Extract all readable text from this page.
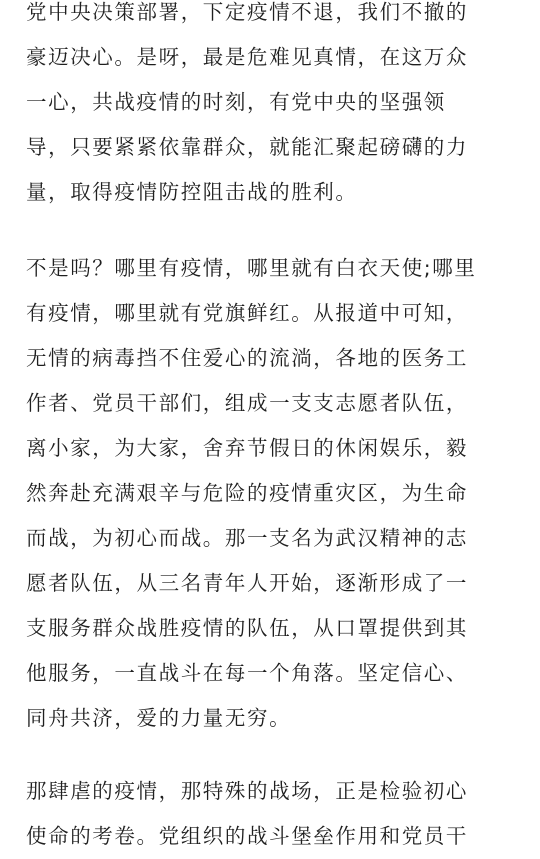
党中央决策部署，下定疫情不退，我们不撤的
豪迈决心。是呀，最是危难见真情，在这万众
一心，共战疫情的时刻，有党中央的坚强领
导，只要紧紧依靠群众，就能汇聚起磅礴的力
量，取得疫情防控阻击战的胜利。

不是吗？哪里有疫情，哪里就有白衣天使;哪里
有疫情，哪里就有党旗鲜红。从报道中可知，
无情的病毒挡不住爱心的流淌，各地的医务工
作者、党员干部们，组成一支支志愿者队伍，
离小家，为大家，舍弃节假日的休闲娱乐，毅
然奔赴充满艰辛与危险的疫情重灾区，为生命
而战，为初心而战。那一支名为武汉精神的志
愿者队伍，从三名青年人开始，逐渐形成了一
支服务群众战胜疫情的队伍，从口罩提供到其
他服务，一直战斗在每一个角落。坚定信心、
同舟共济，爱的力量无穷。

那肆虐的疫情，那特殊的战场，正是检验初心
使命的考卷。党组织的战斗堡垒作用和党员干
